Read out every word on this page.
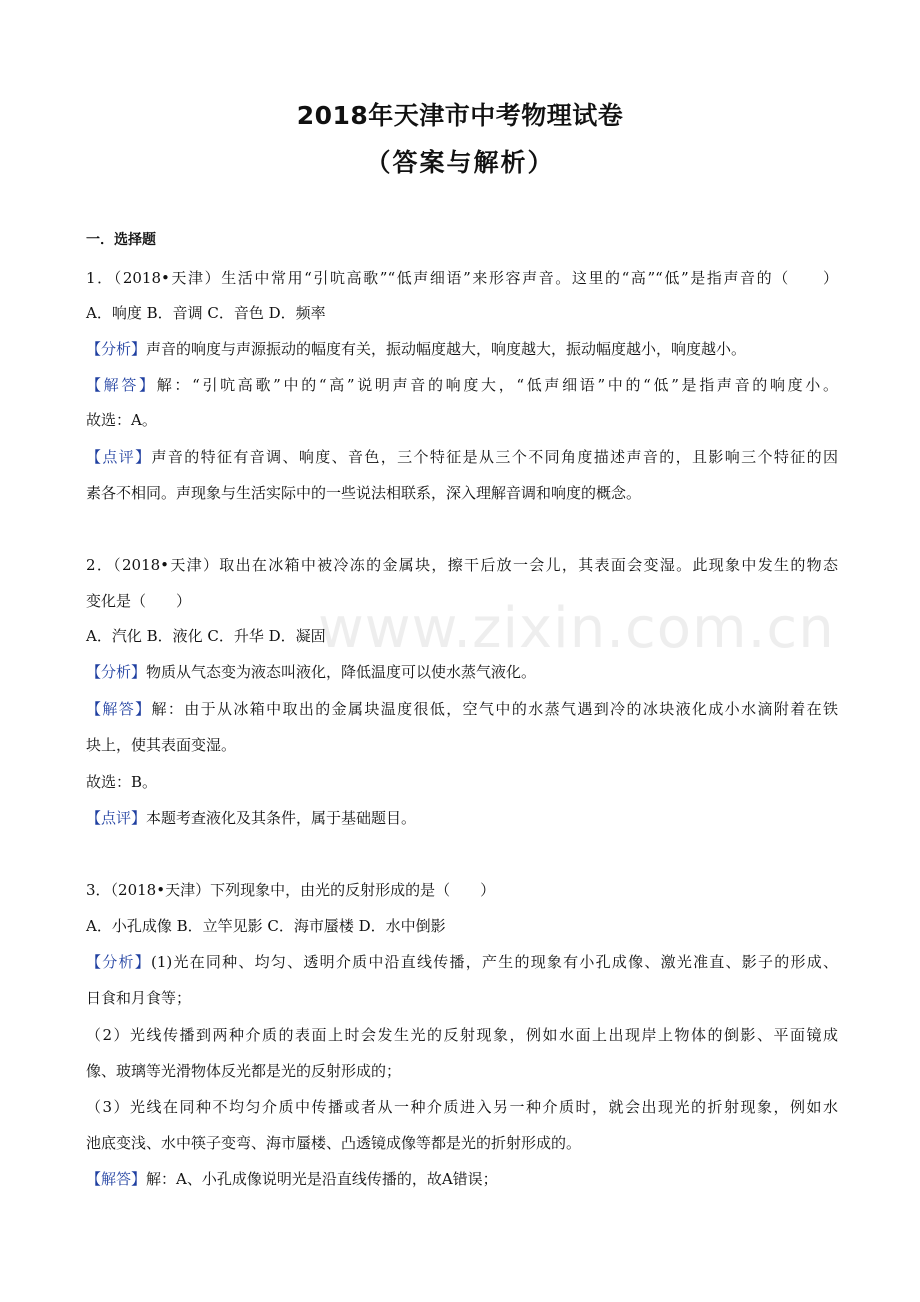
2018年天津市中考物理试卷
（答案与解析）
一．选择题
www.zixin.com.cn
1．（2018•天津）生活中常用“引吭高歌”“低声细语”来形容声音。这里的“高”“低”是指声音的（　　）
A．响度 B．音调 C．音色 D．频率
【分析】声音的响度与声源振动的幅度有关，振动幅度越大，响度越大，振动幅度越小，响度越小。
【解答】解：“引吭高歌”中的“高”说明声音的响度大，“低声细语”中的“低”是指声音的响度小。
故选：A。
【点评】声音的特征有音调、响度、音色，三个特征是从三个不同角度描述声音的，且影响三个特征的因
素各不相同。声现象与生活实际中的一些说法相联系，深入理解音调和响度的概念。
2．（2018•天津）取出在冰箱中被冷冻的金属块，擦干后放一会儿，其表面会变湿。此现象中发生的物态
变化是（　　）
A．汽化 B．液化 C．升华 D．凝固
【分析】物质从气态变为液态叫液化，降低温度可以使水蒸气液化。
【解答】解：由于从冰箱中取出的金属块温度很低，空气中的水蒸气遇到冷的冰块液化成小水滴附着在铁
块上，使其表面变湿。
故选：B。
【点评】本题考查液化及其条件，属于基础题目。
3．（2018•天津）下列现象中，由光的反射形成的是（　　）
A．小孔成像 B．立竿见影 C．海市蜃楼 D．水中倒影
【分析】(1)光在同种、均匀、透明介质中沿直线传播，产生的现象有小孔成像、激光准直、影子的形成、
日食和月食等；
（2）光线传播到两种介质的表面上时会发生光的反射现象，例如水面上出现岸上物体的倒影、平面镜成
像、玻璃等光滑物体反光都是光的反射形成的；
（3）光线在同种不均匀介质中传播或者从一种介质进入另一种介质时，就会出现光的折射现象，例如水
池底变浅、水中筷子变弯、海市蜃楼、凸透镜成像等都是光的折射形成的。
【解答】解：A、小孔成像说明光是沿直线传播的，故A错误；
